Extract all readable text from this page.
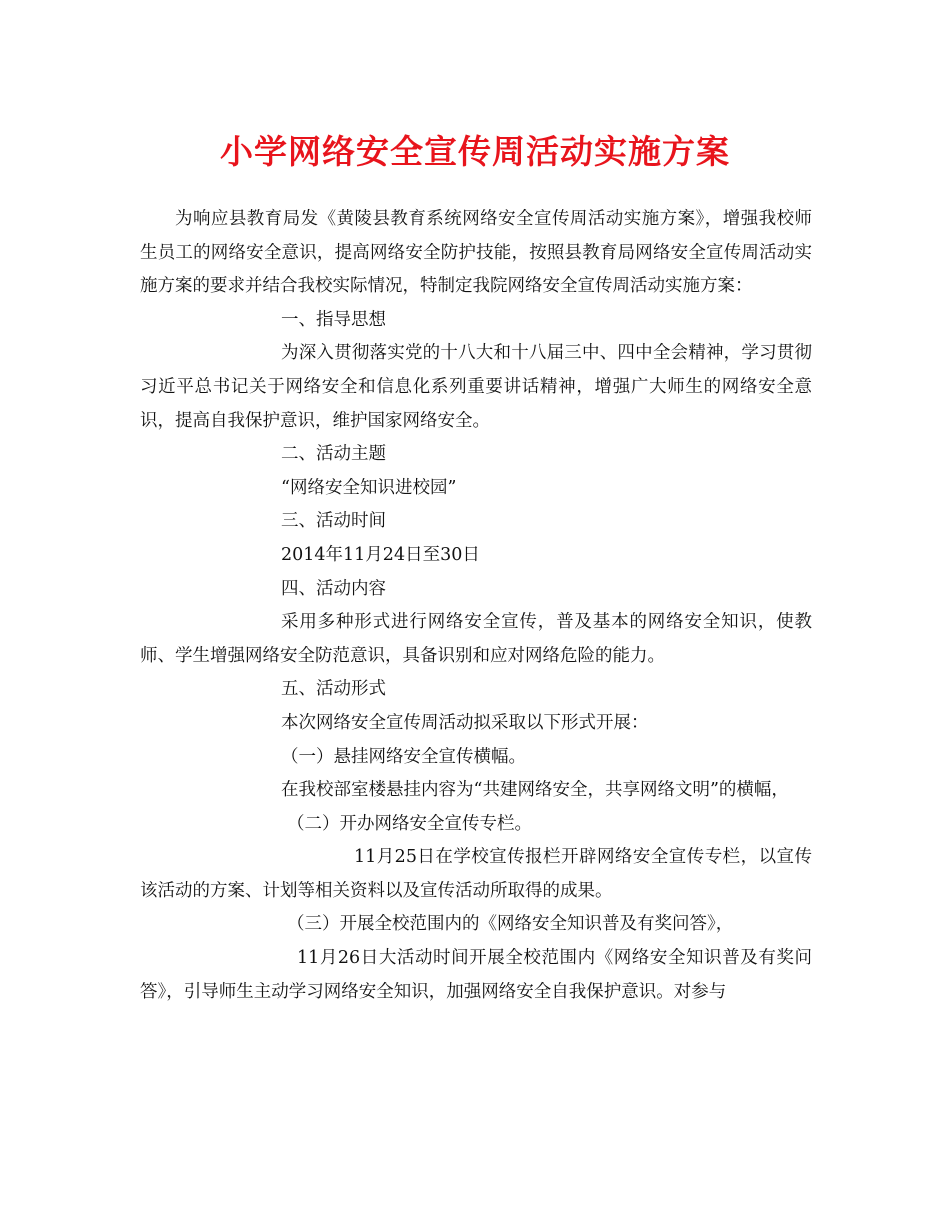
小学网络安全宣传周活动实施方案

为响应县教育局发《黄陵县教育系统网络安全宣传周活动实施方案》，增强我校师生员工的网络安全意识，提高网络安全防护技能，按照县教育局网络安全宣传周活动实施方案的要求并结合我校实际情况，特制定我院网络安全宣传周活动实施方案：

一、指导思想

为深入贯彻落实党的十八大和十八届三中、四中全会精神，学习贯彻习近平总书记关于网络安全和信息化系列重要讲话精神，增强广大师生的网络安全意识，提高自我保护意识，维护国家网络安全。

二、活动主题

“网络安全知识进校园”

三、活动时间

2014年11月24日至30日

四、活动内容

采用多种形式进行网络安全宣传，普及基本的网络安全知识，使教师、学生增强网络安全防范意识，具备识别和应对网络危险的能力。

五、活动形式

本次网络安全宣传周活动拟采取以下形式开展：

（一）悬挂网络安全宣传横幅。

在我校部室楼悬挂内容为“共建网络安全，共享网络文明”的横幅，

（二）开办网络安全宣传专栏。

11月25日在学校宣传报栏开辟网络安全宣传专栏，以宣传该活动的方案、计划等相关资料以及宣传活动所取得的成果。

（三）开展全校范围内的《网络安全知识普及有奖问答》，

11月26日大活动时间开展全校范围内《网络安全知识普及有奖问答》，引导师生主动学习网络安全知识，加强网络安全自我保护意识。对参与
